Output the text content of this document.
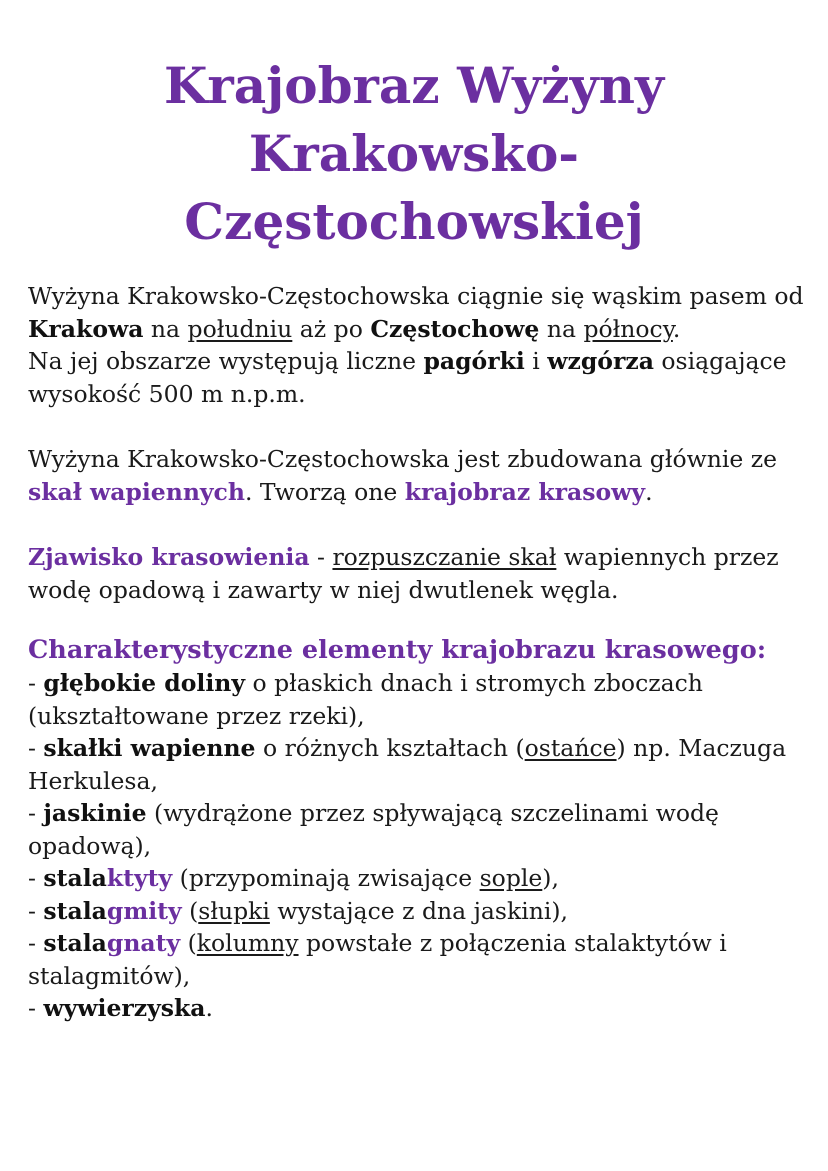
Krajobraz Wyżyny
Krakowsko-
Częstochowskiej

Wyżyna Krakowsko-Częstochowska ciągnie się wąskim pasem od Krakowa na południu aż po Częstochowę na północy.

Na jej obszarze występują liczne pagórki i wzgórza osiągające wysokość 500 m n.p.m.

Wyżyna Krakowsko-Częstochowska jest zbudowana głównie ze skał wapiennych. Tworzą one krajobraz krasowy.

Zjawisko krasowienia - rozpuszczanie skał wapiennych przez wodę opadową i zawarty w niej dwutlenek węgla.

Charakterystyczne elementy krajobrazu krasowego:

- głębokie doliny o płaskich dnach i stromych zboczach (ukształtowane przez rzeki),

- skałki wapienne o różnych kształtach (ostańce) np. Maczuga Herkulesa,

- jaskinie (wydrążone przez spływającą szczelinami wodę opadową),

- stalaktyty (przypominają zwisające sople),

- stalagmity (słupki wystające z dna jaskini),

- stalagnaty (kolumny powstałe z połączenia stalaktytów i stalagmitów),

- wywierzyska.
